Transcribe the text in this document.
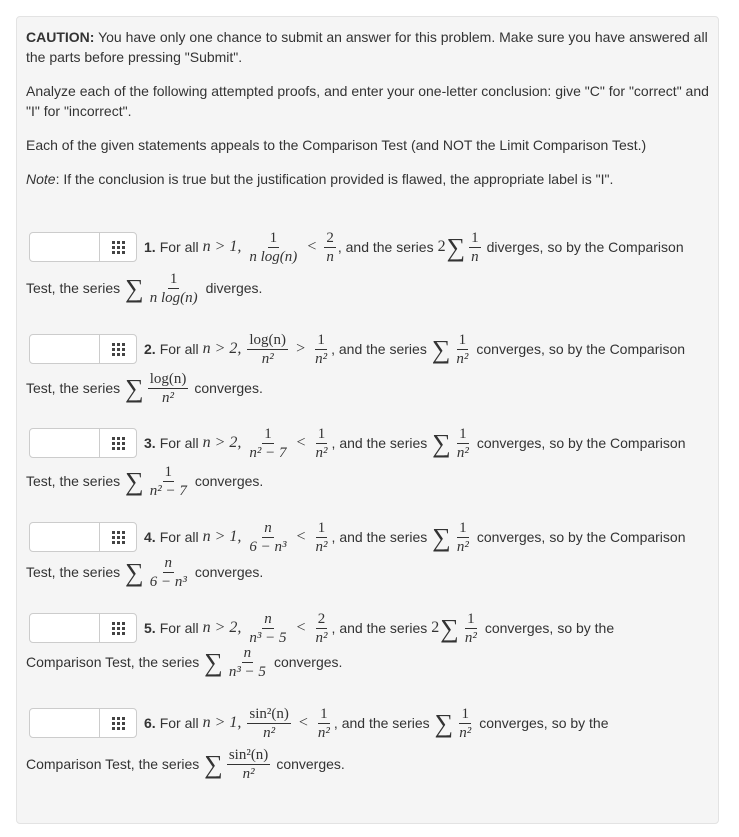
CAUTION: You have only one chance to submit an answer for this problem. Make sure you have answered all the parts before pressing "Submit".

Analyze each of the following attempted proofs, and enter your one-letter conclusion: give "C" for "correct" and "I" for "incorrect".

Each of the given statements appeals to the Comparison Test (and NOT the Limit Comparison Test.)

Note: If the conclusion is true but the justification provided is flawed, the appropriate label is "I".

1. For all n > 1, $\frac{1}{\text{n log(n)}} < \frac{2}{n}$ , and the series 2 ∑ $\frac{1}{n}$ diverges, so by the Comparison
Test, the series ∑ $\frac{1}{\text{n log(n)}}$ diverges.
2. For all n > 2, $\frac{\log(n)}{\text{n²}} > \frac{1}{\text{n²}}$ , and the series ∑ $\frac{1}{\text{n²}}$ converges, so by the Comparison
Test, the series ∑ $\frac{\log(n)}{\text{n²}}$ converges.
3. For all n > 2, $\frac{1}{\text{n² − 7}} < \frac{1}{\text{n²}}$ , and the series ∑ $\frac{1}{\text{n²}}$ converges, so by the Comparison
Test, the series ∑ $\frac{1}{\text{n² − 7}}$ converges.
4. For all n > 1, $\frac{n}{\text{6 − n³}} < \frac{1}{\text{n²}}$ , and the series ∑ $\frac{1}{\text{n²}}$ converges, so by the Comparison
Test, the series ∑ $\frac{n}{\text{6 − n³}}$ converges.
5. For all n > 2, $\frac{n}{\text{n³ − 5}} < \frac{2}{\text{n²}}$ , and the series 2 ∑ $\frac{1}{\text{n²}}$ converges, so by the
Comparison Test, the series ∑ $\frac{n}{\text{n³ − 5}}$ converges.
6. For all n > 1, $\frac{\text{sin²(n)}}{\text{n²}} < \frac{1}{\text{n²}}$ , and the series ∑ $\frac{1}{\text{n²}}$ converges, so by the
Comparison Test, the series ∑ $\frac{\text{sin²(n)}}{\text{n²}}$ converges.
